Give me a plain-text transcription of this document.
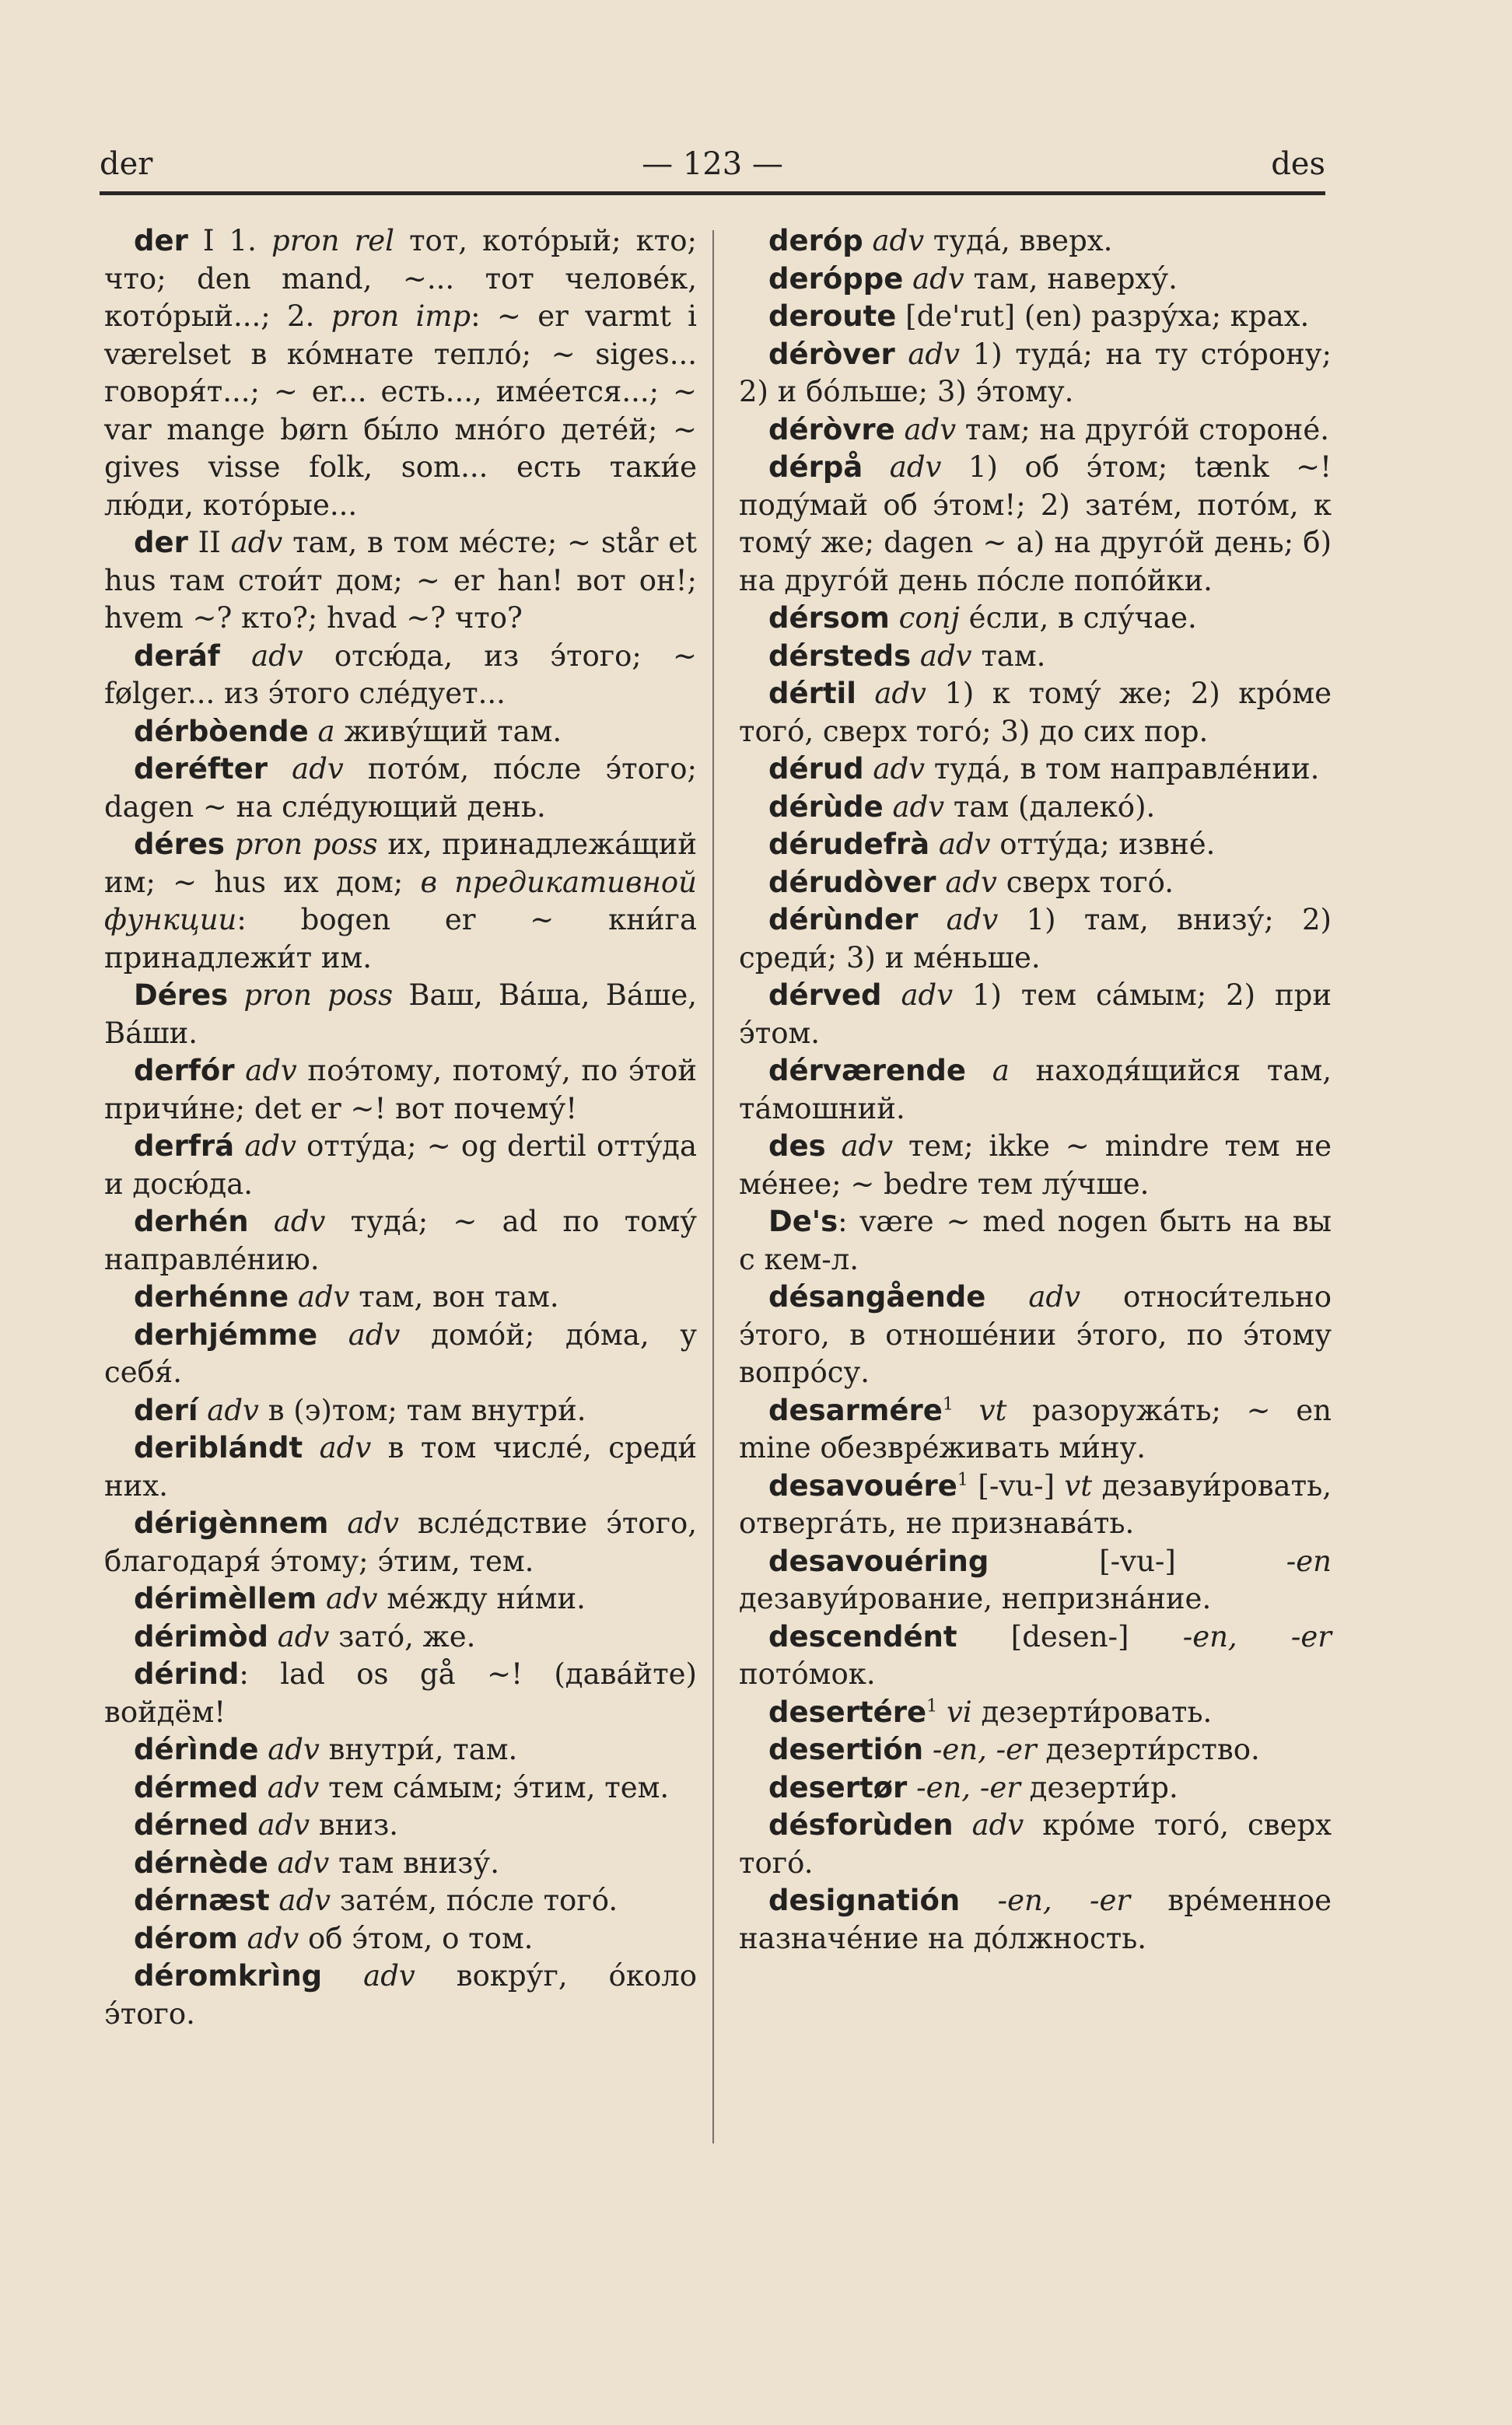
der	— 123 —	des

der I 1. pron rel тот, котóрый; кто; что; den mand, ~... тот человéк, котóрый...; 2. pron imp: ~ er varmt i værelset в кóмнате тепло́; ~ siges... говоря́т...; ~ er... есть..., имéется...; ~ var mange børn бы́ло мнóго детéй; ~ gives visse folk, som... есть таки́е лю́ди, котóрые...

der II adv там, в том мéсте; ~ står et hus там стои́т дом; ~ er han! вот он!; hvem ~? кто?; hvad ~? что?

deráf adv отсю́да, из э́того; ~ følger... из э́того слéдует...

dérbòende a живу́щий там.

deréfter adv потóм, пóсле э́того; dagen ~ на слéдующий день.

déres pron poss их, принадлежáщий им; ~ hus их дом; в предикативной функции: bogen er ~ кни́га принадлежи́т им.

Déres pron poss Ваш, Вáша, Вáше, Вáши.

derfór adv поэ́тому, потому́, по э́той причи́не; det er ~! вот почему́!

derfrá adv оттýда; ~ og dertil оттýда и досю́да.

derhén adv тудá; ~ ad по тому́ направлéнию.

derhénne adv там, вон там.

derhjémme adv домóй; дóма, у себя́.

derí adv в (э)том; там внутри́.

deriblándt adv в том числé, среди́ них.

dérigènnem adv вслéдствие э́того, благодаря́ э́тому; э́тим, тем.

dérimèllem adv мéжду ни́ми.

dérimòd adv затó, же.

dérind: lad os gå ~! (давáйте) войдём!

dérìnde adv внутри́, там.

dérmed adv тем сáмым; э́тим, тем.

dérned adv вниз.

dérnède adv там внизу́.

dérnæst adv затéм, пóсле тогó.

dérom adv об э́том, о том.

déromkrìng adv вокру́г, óколо э́того.

deróp adv тудá, вверх.

derόppe adv там, наверху́.

deroute [de'rut] (en) разру́ха; крах.

déròver adv 1) тудá; на ту стóрону; 2) и бóльше; 3) э́тому.

déròvre adv там; на другóй сторонé.

dérpå adv 1) об э́том; tænk ~! подýмай об э́том!; 2) затéм, потóм, к тому́ же; dagen ~ а) на другóй день; б) на другóй день пóсле попóйки.

dérsom conj éсли, в слу́чае.

dérsteds adv там.

dértil adv 1) к тому́ же; 2) крóме тогó, сверх тогó; 3) до сих пор.

dérud adv тудá, в том направлéнии.

dérùde adv там (далекó).

dérudefrà adv оттýда; извнé.

dérudòver adv сверх тогó.

dérùnder adv 1) там, внизу́; 2) среди́; 3) и мéньше.

dérved adv 1) тем сáмым; 2) при э́том.

dérværende a находя́щийся там, тáмошний.

des adv тем; ikke ~ mindre тем не мéнее; ~ bedre тем лу́чше.

De's: være ~ med nogen быть на вы с кем-л.

désangående adv относи́тельно э́того, в отношéнии э́того, по э́тому вопрóсу.

desarmére$^1$ vt разоружáть; ~ en mine обезврéживать ми́ну.

desavouére$^1$ [-vu-] vt дезавуи́ровать, отвергáть, не признавáть.

desavouéring [-vu-] -en дезавуи́рование, непризнáние.

descendént [desen-] -en, -er потóмок.

desertére$^1$ vi дезерти́ровать.

desertión -en, -er дезерти́рство.

desertør -en, -er дезерти́р.

désforùden adv крóме тогó, сверх тогó.

designatión -en, -er врéменное назначéние на дóлжность.
